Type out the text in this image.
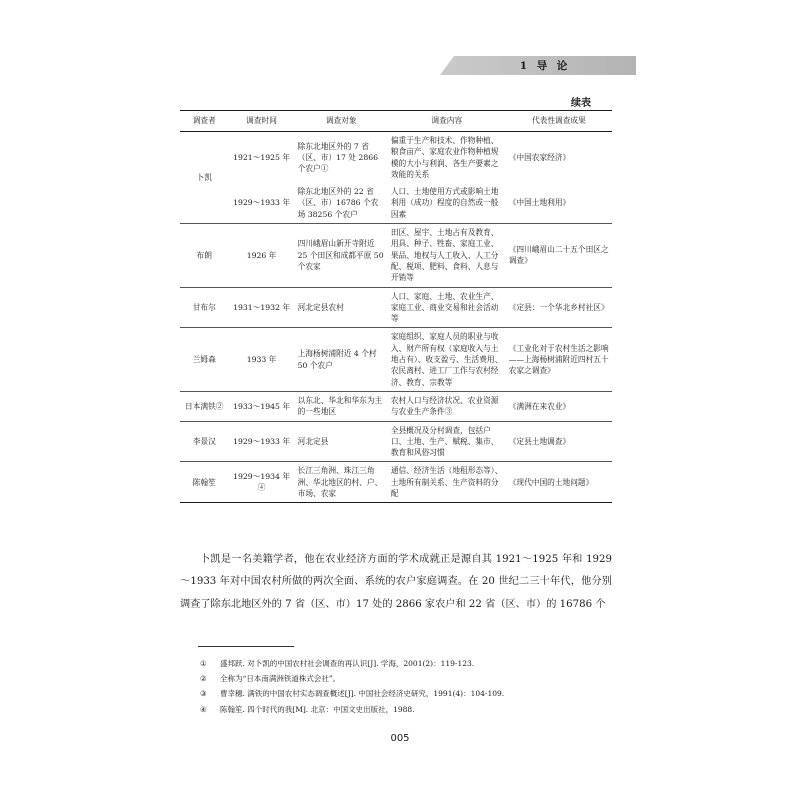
1 导 论
续表
调查者	调查时间	调查对象	调查内容	代表性调查成果
卜凯	1921～1925 年	除东北地区外的 7 省（区、市）17 处 2866 个农户①	偏重于生产和技术、作物种植、粮食亩产、家庭农业作物种植规模的大小与利润、各生产要素之效能的关系	《中国农家经济》
	1929～1933 年	除东北地区外的 22 省（区、市）16786 个农场 38256 个农户	人口、土地使用方式或影响土地利用（成功）程度的自然或一般因素	《中国土地利用》
布朗	1926 年	四川峨眉山新开寺附近 25 个田区和成都平原 50 个农家	田区、屋宇、土地占有及教育、用具、种子、牲畜、家庭工业、果品、地权与人工收入、人工分配、税项、肥料、食料、人息与开销等	《四川峨眉山二十五个田区之调查》
甘布尔	1931～1932 年	河北定县农村	人口、家庭、土地、农业生产、家庭工业、商业交易和社会活动等	《定县：一个华北乡村社区》
兰姆森	1933 年	上海杨树浦附近 4 个村 50 个农户	家庭组织、家庭人员的职业与收入、财产所有权（家庭收入与土地占有）、收支盈亏、生活费用、农民离村、进工厂工作与农村经济、教育、宗教等	《工业化对于农村生活之影响——上海杨树浦附近四村五十农家之调查》
日本满铁②	1933～1945 年	以东北、华北和华东为主的一些地区	农村人口与经济状况、农业资源与农业生产条件③	《满洲在来农业》
李景汉	1929～1933 年	河北定县	全县概况及分村调查，包括户口、土地、生产、赋税、集市、教育和风俗习惯	《定县土地调查》
陈翰笙	1929～1934 年④	长江三角洲、珠江三角洲、华北地区的村、户、市场、农家	通信、经济生活（地租形态等）、土地所有制关系、生产资料的分配	《现代中国的土地问题》
卜凯是一名美籍学者，他在农业经济方面的学术成就正是源自其 1921～1925 年和 1929～1933 年对中国农村所做的两次全面、系统的农户家庭调查。在 20 世纪二三十年代，他分别调查了除东北地区外的 7 省（区、市）17 处的 2866 家农户和 22 省（区、市）的 16786 个
① 盛邦跃. 对卜凯的中国农村社会调查的再认识[J]. 学海，2001(2)：119-123.
② 全称为“日本南满洲铁道株式会社”。
③ 曹幸穗. 满铁的中国农村实态调查概述[J]. 中国社会经济史研究，1991(4)：104-109.
④ 陈翰笙. 四个时代的我[M]. 北京：中国文史出版社，1988.
005
